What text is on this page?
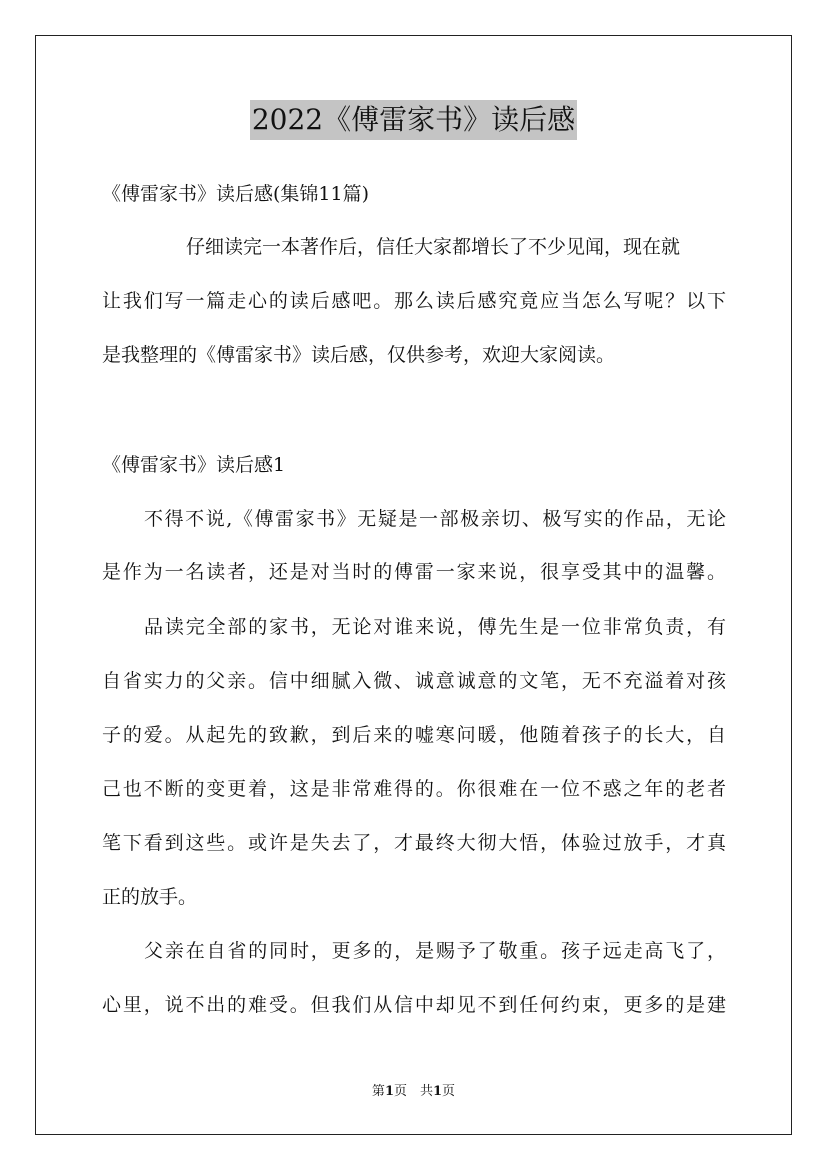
2022《傅雷家书》读后感
《傅雷家书》读后感(集锦11篇)
仔细读完一本著作后，信任大家都增长了不少见闻，现在就
让我们写一篇走心的读后感吧。那么读后感究竟应当怎么写呢？以下
是我整理的《傅雷家书》读后感，仅供参考，欢迎大家阅读。
《傅雷家书》读后感1
不得不说,《傅雷家书》无疑是一部极亲切、极写实的作品，无论
是作为一名读者，还是对当时的傅雷一家来说，很享受其中的温馨。
品读完全部的家书，无论对谁来说，傅先生是一位非常负责，有
自省实力的父亲。信中细腻入微、诚意诚意的文笔，无不充溢着对孩
子的爱。从起先的致歉，到后来的嘘寒问暖，他随着孩子的长大，自
己也不断的变更着，这是非常难得的。你很难在一位不惑之年的老者
笔下看到这些。或许是失去了，才最终大彻大悟，体验过放手，才真
正的放手。
父亲在自省的同时，更多的，是赐予了敬重。孩子远走高飞了，
心里，说不出的难受。但我们从信中却见不到任何约束，更多的是建
第1页　共1页
